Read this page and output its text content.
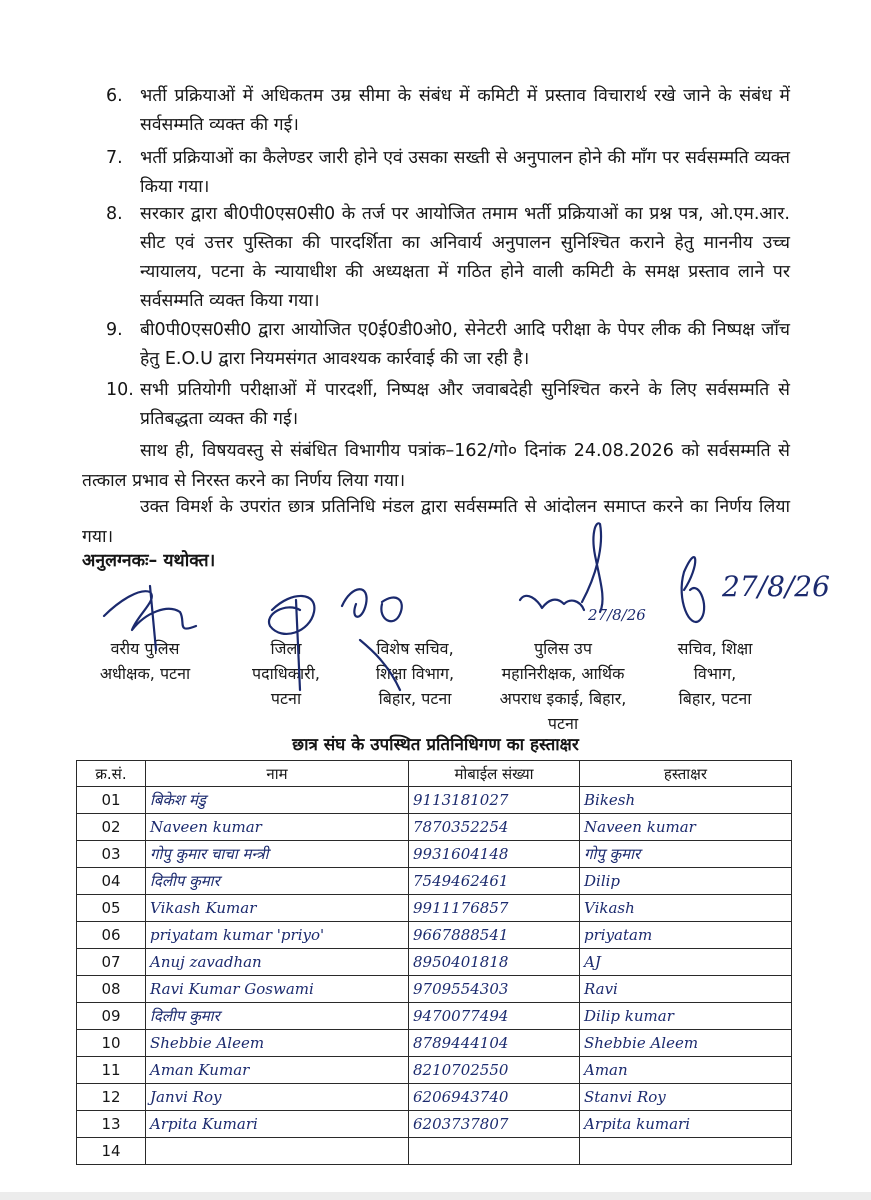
6. भर्ती प्रक्रियाओं में अधिकतम उम्र सीमा के संबंध में कमिटी में प्रस्ताव विचारार्थ रखे जाने के संबंध में सर्वसम्मति व्यक्त की गई।
7. भर्ती प्रक्रियाओं का कैलेण्डर जारी होने एवं उसका सख्ती से अनुपालन होने की माँग पर सर्वसम्मति व्यक्त किया गया।
8. सरकार द्वारा बी0पी0एस0सी0 के तर्ज पर आयोजित तमाम भर्ती प्रक्रियाओं का प्रश्न पत्र, ओ.एम.आर. सीट एवं उत्तर पुस्तिका की पारदर्शिता का अनिवार्य अनुपालन सुनिश्चित कराने हेतु माननीय उच्च न्यायालय, पटना के न्यायाधीश की अध्यक्षता में गठित होने वाली कमिटी के समक्ष प्रस्ताव लाने पर सर्वसम्मति व्यक्त किया गया।
9. बी0पी0एस0सी0 द्वारा आयोजित ए0ई0डी0ओ0, सेनेटरी आदि परीक्षा के पेपर लीक की निष्पक्ष जाँच हेतु E.O.U द्वारा नियमसंगत आवश्यक कार्रवाई की जा रही है।
10. सभी प्रतियोगी परीक्षाओं में पारदर्शी, निष्पक्ष और जवाबदेही सुनिश्चित करने के लिए सर्वसम्मति से प्रतिबद्धता व्यक्त की गई।
साथ ही, विषयवस्तु से संबंधित विभागीय पत्रांक–162/गो० दिनांक 24.08.2026 को सर्वसम्मति से तत्काल प्रभाव से निरस्त करने का निर्णय लिया गया।
उक्त विमर्श के उपरांत छात्र प्रतिनिधि मंडल द्वारा सर्वसम्मति से आंदोलन समाप्त करने का निर्णय लिया गया।
अनुलग्नकः– यथोक्त।
वरीय पुलिस
अधीक्षक, पटना
जिला
पदाधिकारी,
पटना
विशेष सचिव,
शिक्षा विभाग,
बिहार, पटना
पुलिस उप
महानिरीक्षक, आर्थिक
अपराध इकाई, बिहार,
पटना
सचिव, शिक्षा
विभाग,
बिहार, पटना
27/8/26
27/8/26
छात्र संघ के उपस्थित प्रतिनिधिगण का हस्ताक्षर
क्र.सं.	नाम	मोबाईल संख्या	हस्ताक्षर
01	बिकेश मंडु	9113181027	Bikesh
02	Naveen kumar	7870352254	Naveen kumar
03	गोपु कुमार चाचा मन्त्री	9931604148	गोपु कुमार
04	दिलीप कुमार	7549462461	Dilip
05	Vikash Kumar	9911176857	Vikash
06	priyatam kumar 'priyo'	9667888541	priyatam
07	Anuj zavadhan	8950401818	AJ
08	Ravi Kumar Goswami	9709554303	Ravi
09	दिलीप कुमार	9470077494	Dilip kumar
10	Shebbie Aleem	8789444104	Shebbie Aleem
11	Aman Kumar	8210702550	Aman
12	Janvi Roy	6206943740	Stanvi Roy
13	Arpita Kumari	6203737807	Arpita kumari
14			
